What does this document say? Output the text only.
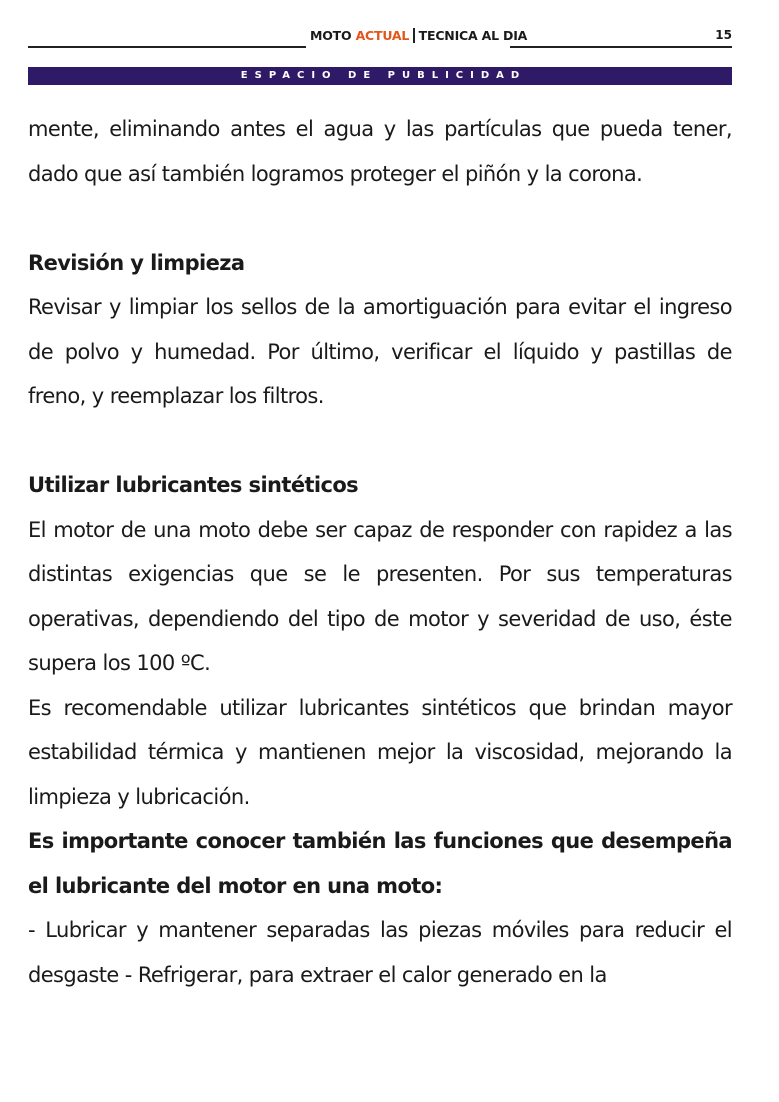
MOTO ACTUAL TECNICA AL DIA	15
ESPACIO DE PUBLICIDAD

mente, eliminando antes el agua y las partículas que pueda tener, dado que así también logramos proteger el piñón y la corona.

Revisión y limpieza

Revisar y limpiar los sellos de la amortiguación para evitar el ingreso de polvo y humedad. Por último, verificar el líquido y pastillas de freno, y reemplazar los filtros.

Utilizar lubricantes sintéticos

El motor de una moto debe ser capaz de responder con rapidez a las distintas exigencias que se le presenten. Por sus temperaturas operativas, dependiendo del tipo de motor y severidad de uso, éste supera los 100 ºC.

Es recomendable utilizar lubricantes sintéticos que brindan mayor estabilidad térmica y mantienen mejor la viscosidad, mejorando la limpieza y lubricación.

Es importante conocer también las funciones que desempeña el lubricante del motor en una moto:

- Lubricar y mantener separadas las piezas móviles para reducir el desgaste - Refrigerar, para extraer el calor generado en la
